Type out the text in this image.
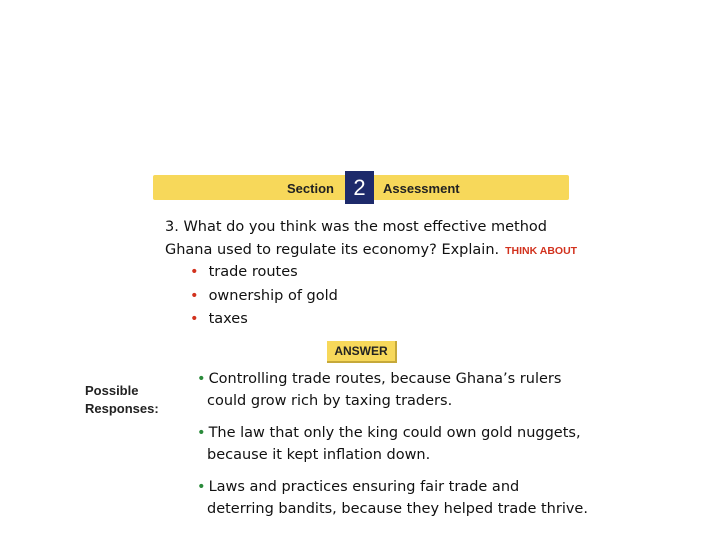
Section 2	Assessment
3. What do you think was the most effective method
Ghana used to regulate its economy? Explain. THINK ABOUT
• trade routes
• ownership of gold
• taxes
ANSWER
Possible
Responses:
• Controlling trade routes, because Ghana’s rulers
could grow rich by taxing traders.
• The law that only the king could own gold nuggets,
because it kept inflation down.
• Laws and practices ensuring fair trade and
deterring bandits, because they helped trade thrive.
